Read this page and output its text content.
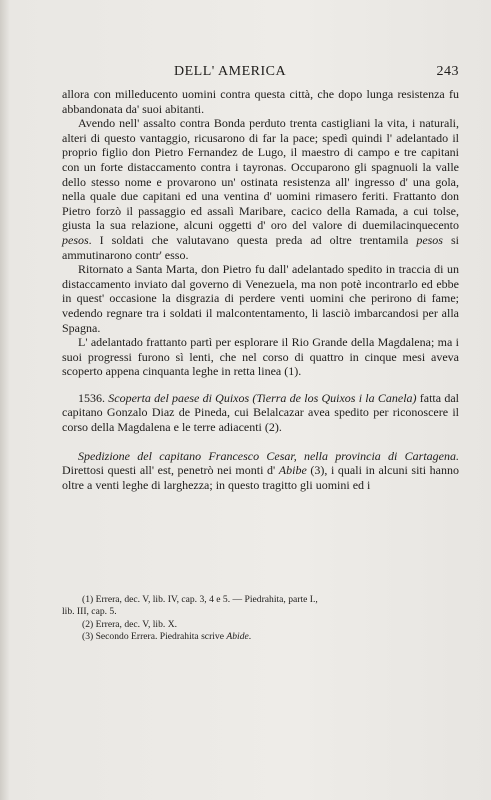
DELL' AMERICA	243

allora con milleducento uomini contra questa città, che dopo lunga resistenza fu abbandonata da' suoi abitanti.

Avendo nell' assalto contra Bonda perduto trenta castigliani la vita, i naturali, alteri di questo vantaggio, ricusarono di far la pace; spedì quindi l' adelantado il proprio figlio don Pietro Fernandez de Lugo, il maestro di campo e tre capitani con un forte distaccamento contra i tayronas. Occuparono gli spagnuoli la valle dello stesso nome e provarono un' ostinata resistenza all' ingresso d' una gola, nella quale due capitani ed una ventina d' uomini rimasero feriti. Frattanto don Pietro forzò il passaggio ed assalì Maribare, cacico della Ramada, a cui tolse, giusta la sua relazione, alcuni oggetti d' oro del valore di duemilacinquecento pesos. I soldati che valutavano questa preda ad oltre trentamila pesos si ammutinarono contr' esso.

Ritornato a Santa Marta, don Pietro fu dall' adelantado spedito in traccia di un distaccamento inviato dal governo di Venezuela, ma non potè incontrarlo ed ebbe in quest' occasione la disgrazia di perdere venti uomini che perirono di fame; vedendo regnare tra i soldati il malcontentamento, li lasciò imbarcandosi per alla Spagna.

L' adelantado frattanto partì per esplorare il Rio Grande della Magdalena; ma i suoi progressi furono sì lenti, che nel corso di quattro in cinque mesi aveva scoperto appena cinquanta leghe in retta linea (1).

1536. Scoperta del paese di Quixos (Tierra de los Quixos i la Canela) fatta dal capitano Gonzalo Diaz de Pineda, cui Belalcazar avea spedito per riconoscere il corso della Magdalena e le terre adiacenti (2).

Spedizione del capitano Francesco Cesar, nella provincia di Cartagena. Direttosi questi all' est, penetrò nei monti d' Abibe (3), i quali in alcuni siti hanno oltre a venti leghe di larghezza; in questo tragitto gli uomini ed i

(1) Errera, dec. V, lib. IV, cap. 3, 4 e 5. — Piedrahita, parte I.,

lib. III, cap. 5.

(2) Errera, dec. V, lib. X.

(3) Secondo Errera. Piedrahita scrive Abide.
